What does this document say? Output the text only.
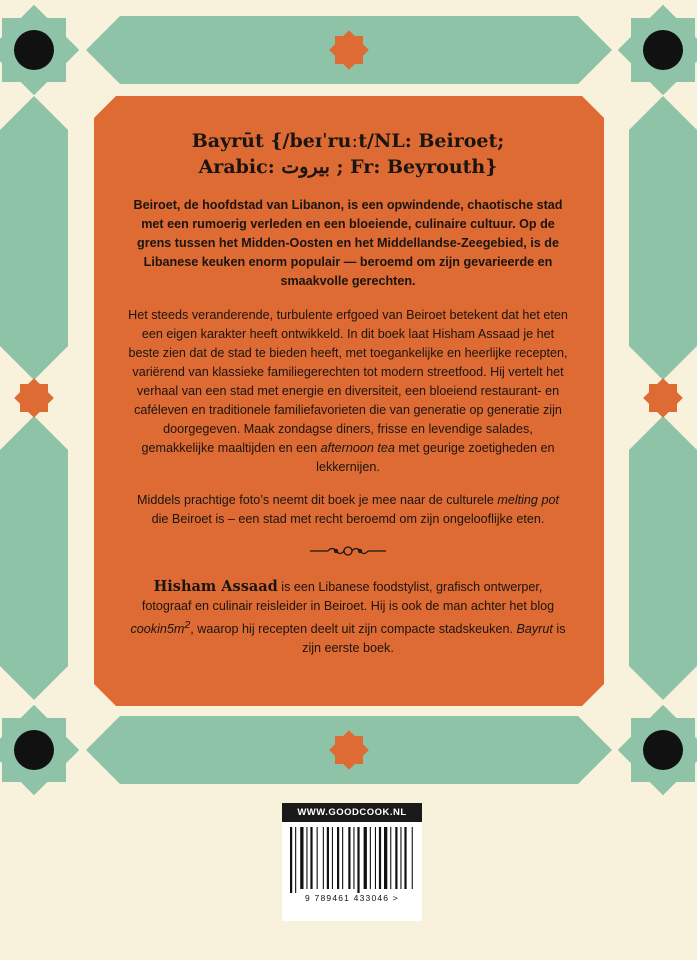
Bayrūt {/beɪˈruːt/NL: Beiroet;
Arabic: بيروت ; Fr: Beyrouth}

Beiroet, de hoofdstad van Libanon, is een opwindende, chaotische stad met een rumoerig verleden en een bloeiende, culinaire cultuur. Op de grens tussen het Midden-Oosten en het Middellandse-Zeegebied, is de Libanese keuken enorm populair — beroemd om zijn gevarieerde en smaakvolle gerechten.

Het steeds veranderende, turbulente erfgoed van Beiroet betekent dat het eten een eigen karakter heeft ontwikkeld. In dit boek laat Hisham Assaad je het beste zien dat de stad te bieden heeft, met toegankelijke en heerlijke recepten, variërend van klassieke familiegerechten tot modern streetfood. Hij vertelt het verhaal van een stad met energie en diversiteit, een bloeiend restaurant- en caféleven en traditionele familiefavorieten die van generatie op generatie zijn doorgegeven. Maak zondagse diners, frisse en levendige salades, gemakkelijke maaltijden en een afternoon tea met geurige zoetigheden en lekkernijen.

Middels prachtige foto’s neemt dit boek je mee naar de culturele melting pot die Beiroet is – een stad met recht beroemd om zijn ongelooflijke eten.

Hisham Assaad is een Libanese foodstylist, grafisch ontwerper, fotograaf en culinair reisleider in Beiroet. Hij is ook de man achter het blog $cookin5m^2$, waarop hij recepten deelt uit zijn compacte stadskeuken. Bayrut is zijn eerste boek.

WWW.GOODCOOK.NL
9 789461 433046 >
